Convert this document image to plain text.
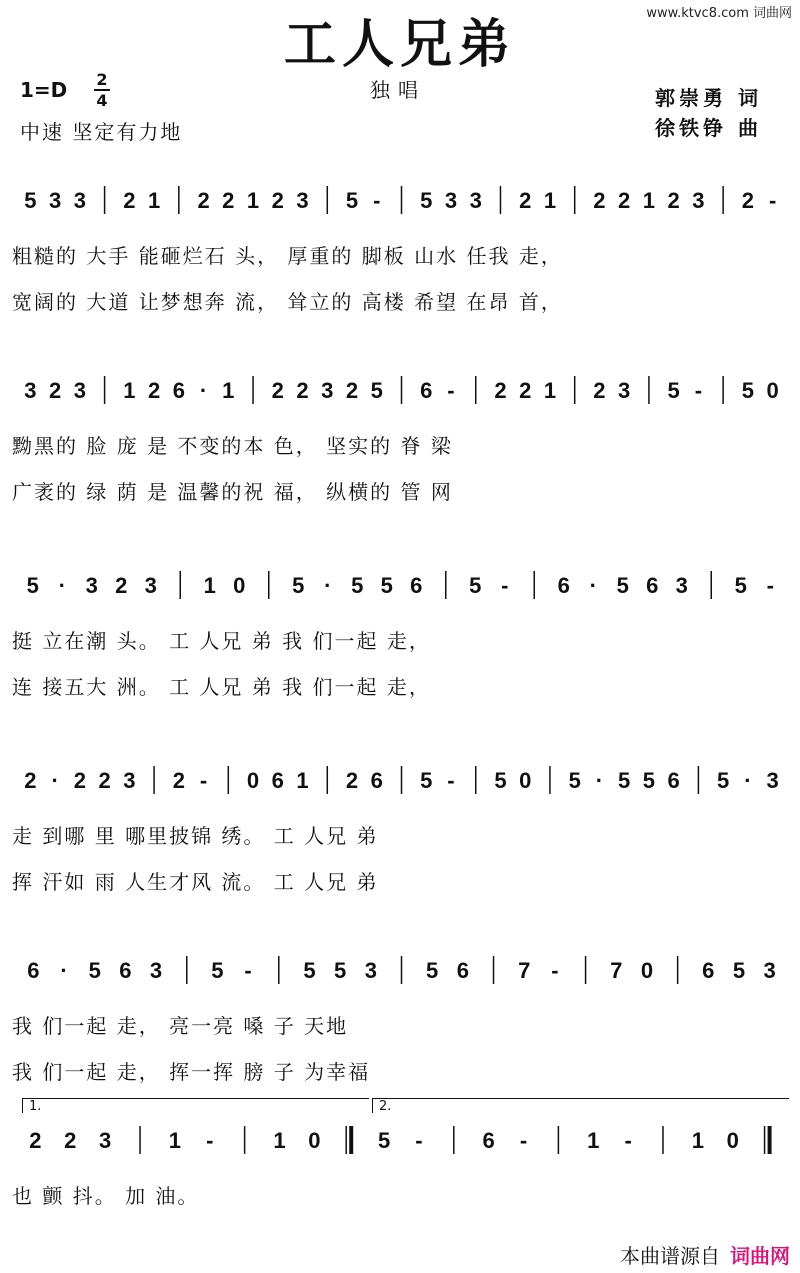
www.ktvc8.com 词曲网
工人兄弟
1=D 2
4
中速 坚定有力地
独唱	郭崇勇 词
徐铁铮 曲
5 3 3 2 1 2 2 1 2 3 5 - 5 3 3 2 1 2 2 1 2 3 2 -
粗糙的 大手 能砸烂石 头， 厚重的 脚板 山水 任我 走，
宽阔的 大道 让梦想奔 流， 耸立的 高楼 希望 在昂 首，
3 2 3 1 2 6 · 1 2 2 3 2 5 6 - 2 2 1 2 3 5 - 5 0
黝黑的 脸 庞 是 不变的本 色， 坚实的 脊 梁
广袤的 绿 荫 是 温馨的祝 福， 纵横的 管 网
5 · 3 2 3 1 0 5 · 5 5 6 5 - 6 · 5 6 3 5 -
挺 立在潮 头。 工 人兄 弟 我 们一起 走，
连 接五大 洲。 工 人兄 弟 我 们一起 走，
2 · 2 2 3 2 - 0 6 1 2 6 5 - 5 0 5 · 5 5 6 5 · 3
走 到哪 里 哪里披锦 绣。 工 人兄 弟
挥 汗如 雨 人生才风 流。 工 人兄 弟
6 · 5 6 3 5 - 5 5 3 5 6 7 - 7 0 6 5 3
我 们一起 走， 亮一亮 嗓 子 天地
我 们一起 走， 挥一挥 膀 子 为幸福
1.	2.
2 2 3	1 -	1 0	5 -	6 -	1 -	1 0
也 颤 抖。 加 油。
本曲谱源自 词曲网
